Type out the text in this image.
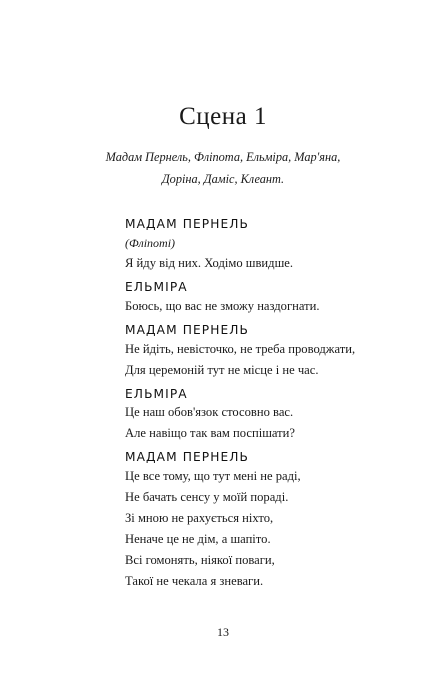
Сцена 1
Мадам Пернель, Фліпота, Ельміра, Мар'яна,
Доріна, Даміс, Клеант.
МАДАМ ПЕРНЕЛЬ
(Фліпоті)
Я йду від них. Ходімо швидше.
ЕЛЬМІРА
Боюсь, що вас не зможу наздогнати.
МАДАМ ПЕРНЕЛЬ
Не йдіть, невісточко, не треба проводжати,
Для церемоній тут не місце і не час.
ЕЛЬМІРА
Це наш обов'язок стосовно вас.
Але навіщо так вам поспішати?
МАДАМ ПЕРНЕЛЬ
Це все тому, що тут мені не раді,
Не бачать сенсу у моїй пораді.
Зі мною не рахується ніхто,
Неначе це не дім, а шапіто.
Всі гомонять, ніякої поваги,
Такої не чекала я зневаги.
13
